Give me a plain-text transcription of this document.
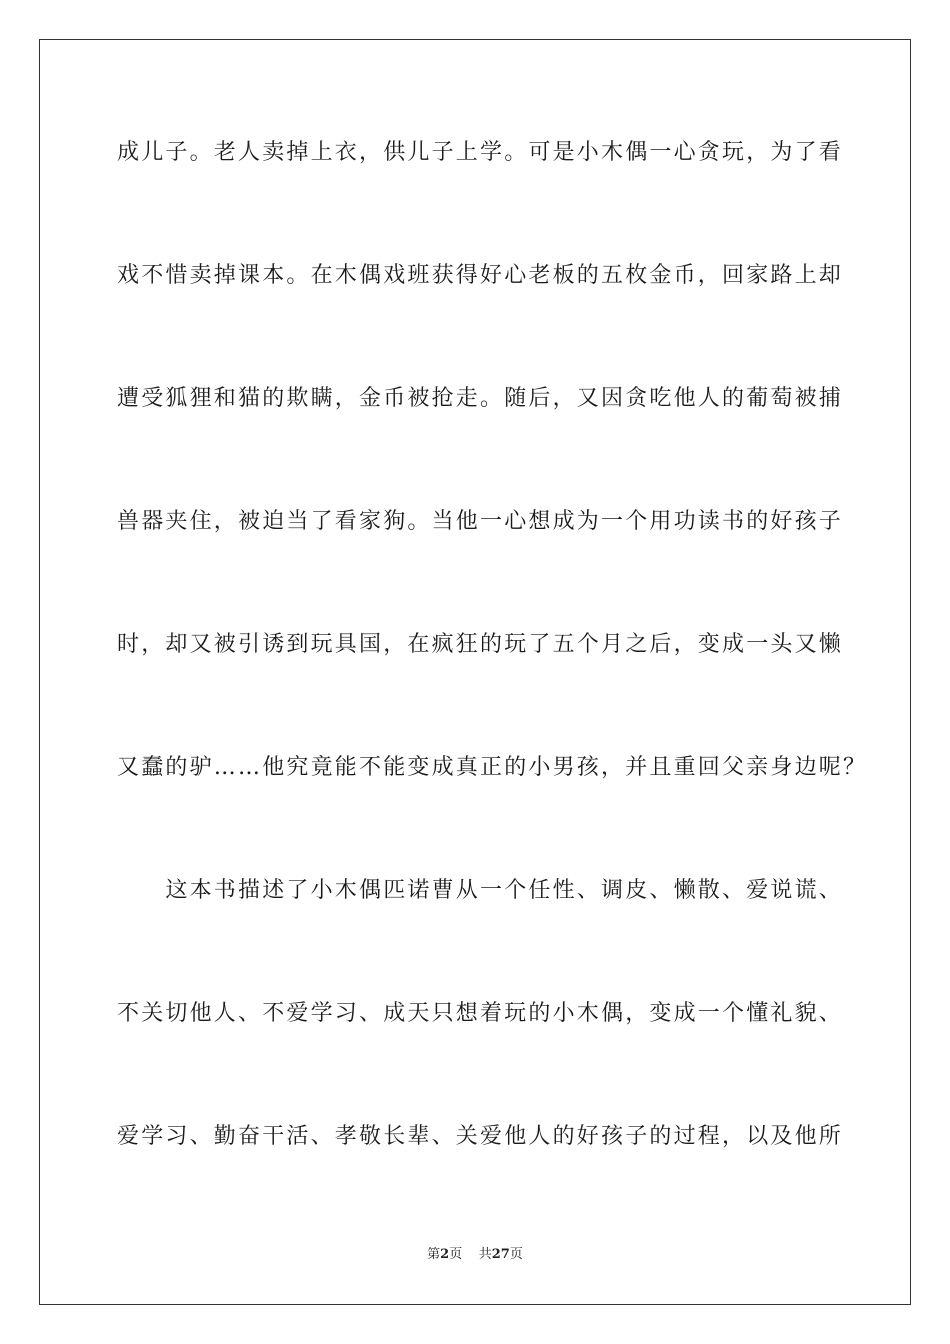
成儿子。老人卖掉上衣，供儿子上学。可是小木偶一心贪玩，为了看
戏不惜卖掉课本。在木偶戏班获得好心老板的五枚金币，回家路上却
遭受狐狸和猫的欺瞒，金币被抢走。随后，又因贪吃他人的葡萄被捕
兽器夹住，被迫当了看家狗。当他一心想成为一个用功读书的好孩子
时，却又被引诱到玩具国，在疯狂的玩了五个月之后，变成一头又懒
又蠢的驴……他究竟能不能变成真正的小男孩，并且重回父亲身边呢？
　　这本书描述了小木偶匹诺曹从一个任性、调皮、懒散、爱说谎、
不关切他人、不爱学习、成天只想着玩的小木偶，变成一个懂礼貌、
爱学习、勤奋干活、孝敬长辈、关爱他人的好孩子的过程，以及他所
第2页 共27页
